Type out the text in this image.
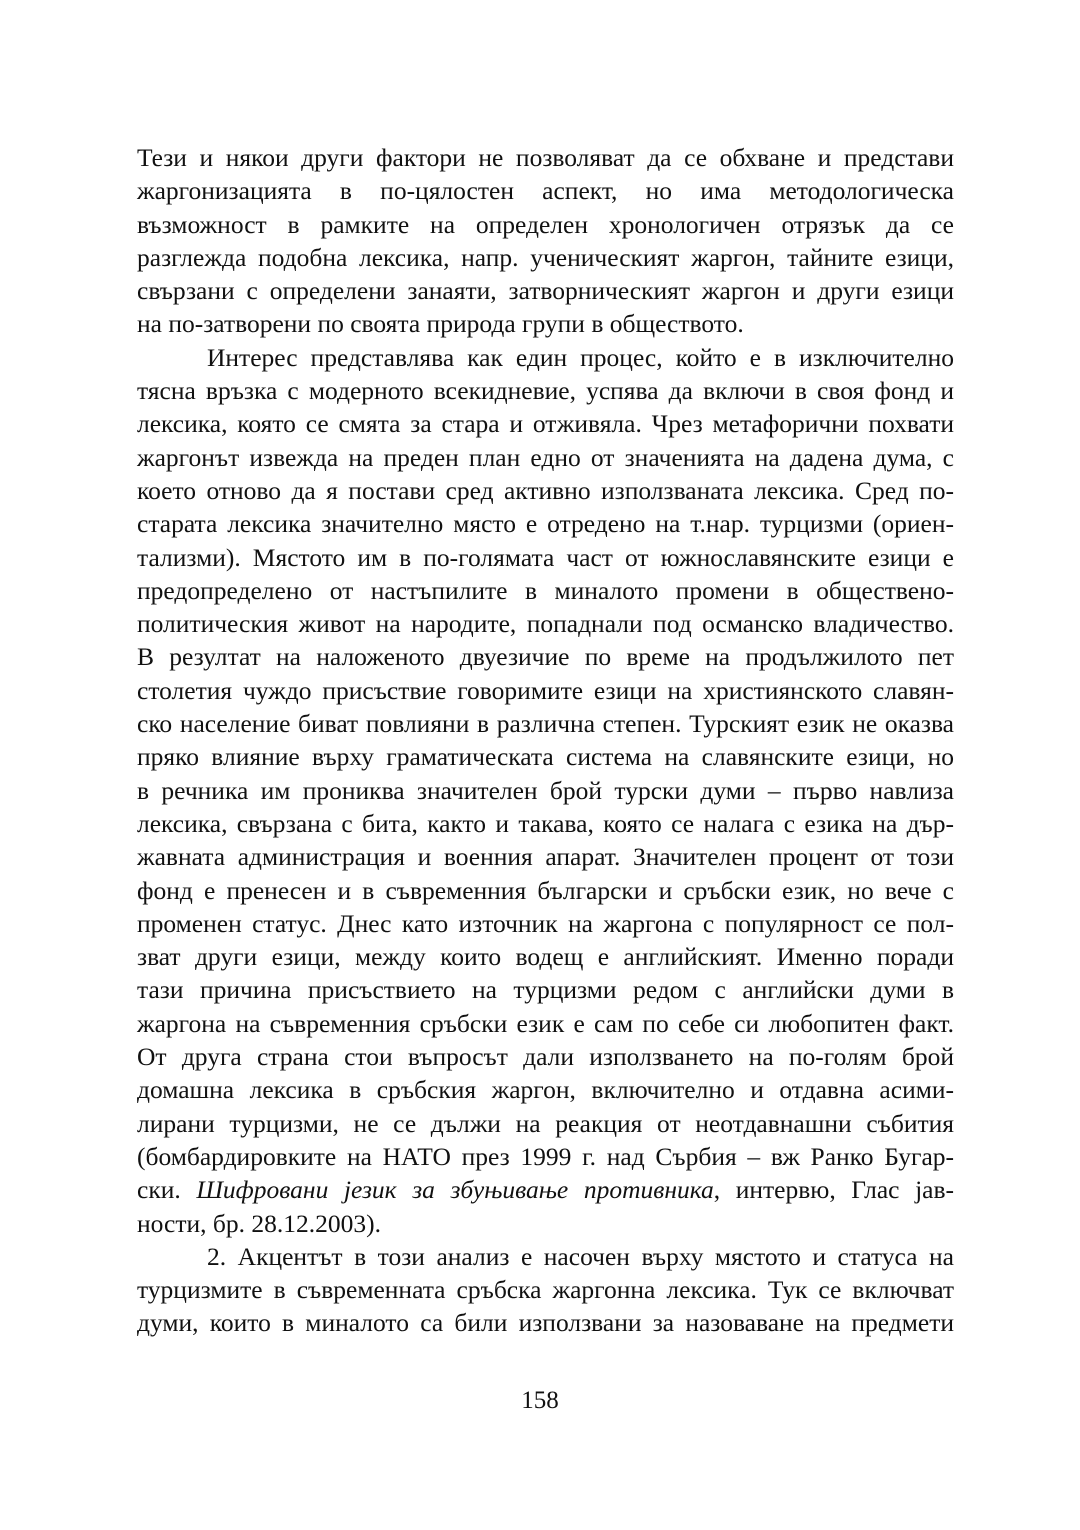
Тези и някои други фактори не позволяват да се обхване и представи
жаргонизацията в по-цялостен аспект, но има методологическа
възможност в рамките на определен хронологичен отрязък да се
разглежда подобна лексика, напр. ученическият жаргон, тайните езици,
свързани с определени занаяти, затворническият жаргон и други езици
на по-затворени по своята природа групи в обществото.
Интерес представлява как един процес, който е в изключително
тясна връзка с модерното всекидневие, успява да включи в своя фонд и
лексика, която се смята за стара и отживяла. Чрез метафорични похвати
жаргонът извежда на преден план едно от значенията на дадена дума, с
което отново да я постави сред активно използваната лексика. Сред по-
старата лексика значително място е отредено на т.нар. турцизми (ориен-
тализми). Мястото им в по-голямата част от южнославянските езици е
предопределено от настъпилите в миналото промени в обществено-
политическия живот на народите, попаднали под османско владичество.
В резултат на наложеното двуезичие по време на продължилото пет
столетия чуждо присъствие говоримите езици на християнското славян-
ско население биват повлияни в различна степен. Турският език не оказва
пряко влияние върху граматическата система на славянските езици, но
в речника им прониква значителен брой турски думи – първо навлиза
лексика, свързана с бита, както и такава, която се налага с езика на дър-
жавната администрация и военния апарат. Значителен процент от този
фонд е пренесен и в съвременния български и сръбски език, но вече с
променен статус. Днес като източник на жаргона с популярност се пол-
зват други езици, между които водещ е английският. Именно поради
тази причина присъствието на турцизми редом с английски думи в
жаргона на съвременния сръбски език е сам по себе си любопитен факт.
От друга страна стои въпросът дали използването на по-голям брой
домашна лексика в сръбския жаргон, включително и отдавна асими-
лирани турцизми, не се дължи на реакция от неотдавнашни събития
(бомбардировките на НАТО през 1999 г. над Сърбия – вж Ранко Бугар-
ски. Шифровани језик за збуњивање противника, интервю, Глас јав-
ности, бр. 28.12.2003).
2. Акцентът в този анализ е насочен върху мястото и статуса на
турцизмите в съвременната сръбска жаргонна лексика. Тук се включват
думи, които в миналото са били използвани за назоваване на предмети
158
